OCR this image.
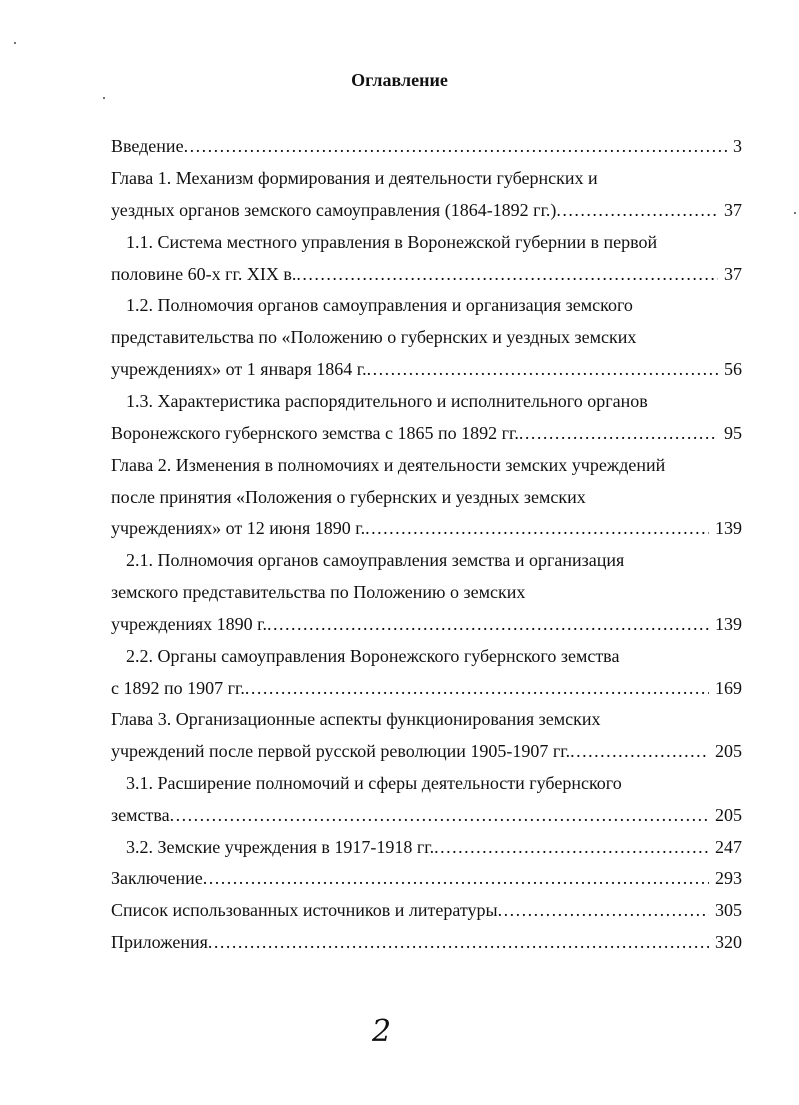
Оглавление
Введение . . .	3
Глава 1. Механизм формирования и деятельности губернских и
уездных органов земского самоуправления (1864-1892 гг.) . . .	37
1.1. Система местного управления в Воронежской губернии в первой
половине 60-х гг. XIX в. . . .	37
1.2. Полномочия органов самоуправления и организация земского
представительства по «Положению о губернских и уездных земских
учреждениях» от 1 января 1864 г. . . .	56
1.3. Характеристика распорядительного и исполнительного органов
Воронежского губернского земства с 1865 по 1892 гг. . . .	95
Глава 2. Изменения в полномочиях и деятельности земских учреждений
после принятия «Положения о губернских и уездных земских
учреждениях» от 12 июня 1890 г. . . .	139
2.1. Полномочия органов самоуправления земства и организация
земского представительства по Положению о земских
учреждениях 1890 г. . . .	139
2.2. Органы самоуправления Воронежского губернского земства
с 1892 по 1907 гг. . . .	169
Глава 3. Организационные аспекты функционирования земских
учреждений после первой русской революции 1905-1907 гг. . . .	205
3.1. Расширение полномочий и сферы деятельности губернского
земства . . .	205
3.2. Земские учреждения в 1917-1918 гг. . . .	247
Заключение . . .	293
Список использованных источников и литературы . . .	305
Приложения . . .	320
2
